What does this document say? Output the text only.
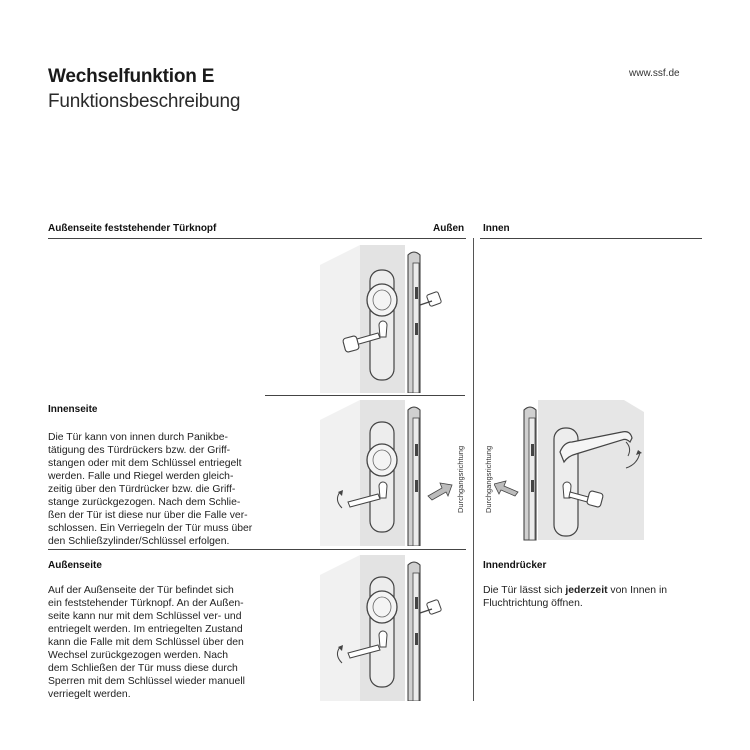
Wechselfunktion E
Funktionsbeschreibung
www.ssf.de
Außenseite feststehender Türknopf	Außen Innen
Innenseite
Die Tür kann von innen durch Panikbe-
tätigung des Türdrückers bzw. der Griff-
stangen oder mit dem Schlüssel entriegelt
werden. Falle und Riegel werden gleich-
zeitig über den Türdrücker bzw. die Griff-
stange zurückgezogen. Nach dem Schlie-
ßen der Tür ist diese nur über die Falle ver-
schlossen. Ein Verriegeln der Tür muss über
den Schließzylinder/Schlüssel erfolgen.
Außenseite
Auf der Außenseite der Tür befindet sich
ein feststehender Türknopf. An der Außen-
seite kann nur mit dem Schlüssel ver- und
entriegelt werden. Im entriegelten Zustand
kann die Falle mit dem Schlüssel über den
Wechsel zurückgezogen werden. Nach
dem Schließen der Tür muss diese durch
Sperren mit dem Schlüssel wieder manuell
verriegelt werden.
Innendrücker
Die Tür lässt sich jederzeit von Innen in
Fluchtrichtung öffnen.
Durchgangsrichtung	Durchgangsrichtung
